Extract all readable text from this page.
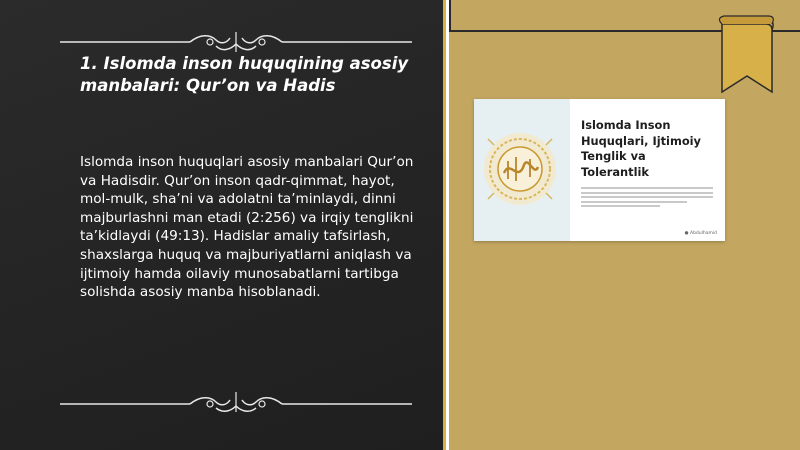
1. Islomda inson huquqining asosiy manbalari: Qur’on va Hadis

Islomda inson huquqlari asosiy manbalari Qur’on va Hadisdir. Qur’on inson qadr-qimmat, hayot, mol-mulk, sha’ni va adolatni ta’minlaydi, dinni majburlashni man etadi (2:256) va irqiy tenglikni ta’kidlaydi (49:13). Hadislar amaliy tafsirlash, shaxslarga huquq va majburiyatlarni aniqlash va ijtimoiy hamda oilaviy munosabatlarni tartibga solishda asosiy manba hisoblanadi.

Islomda Inson Huquqlari, Ijtimoiy Tenglik va Tolerantlik
● Abdulhamid
